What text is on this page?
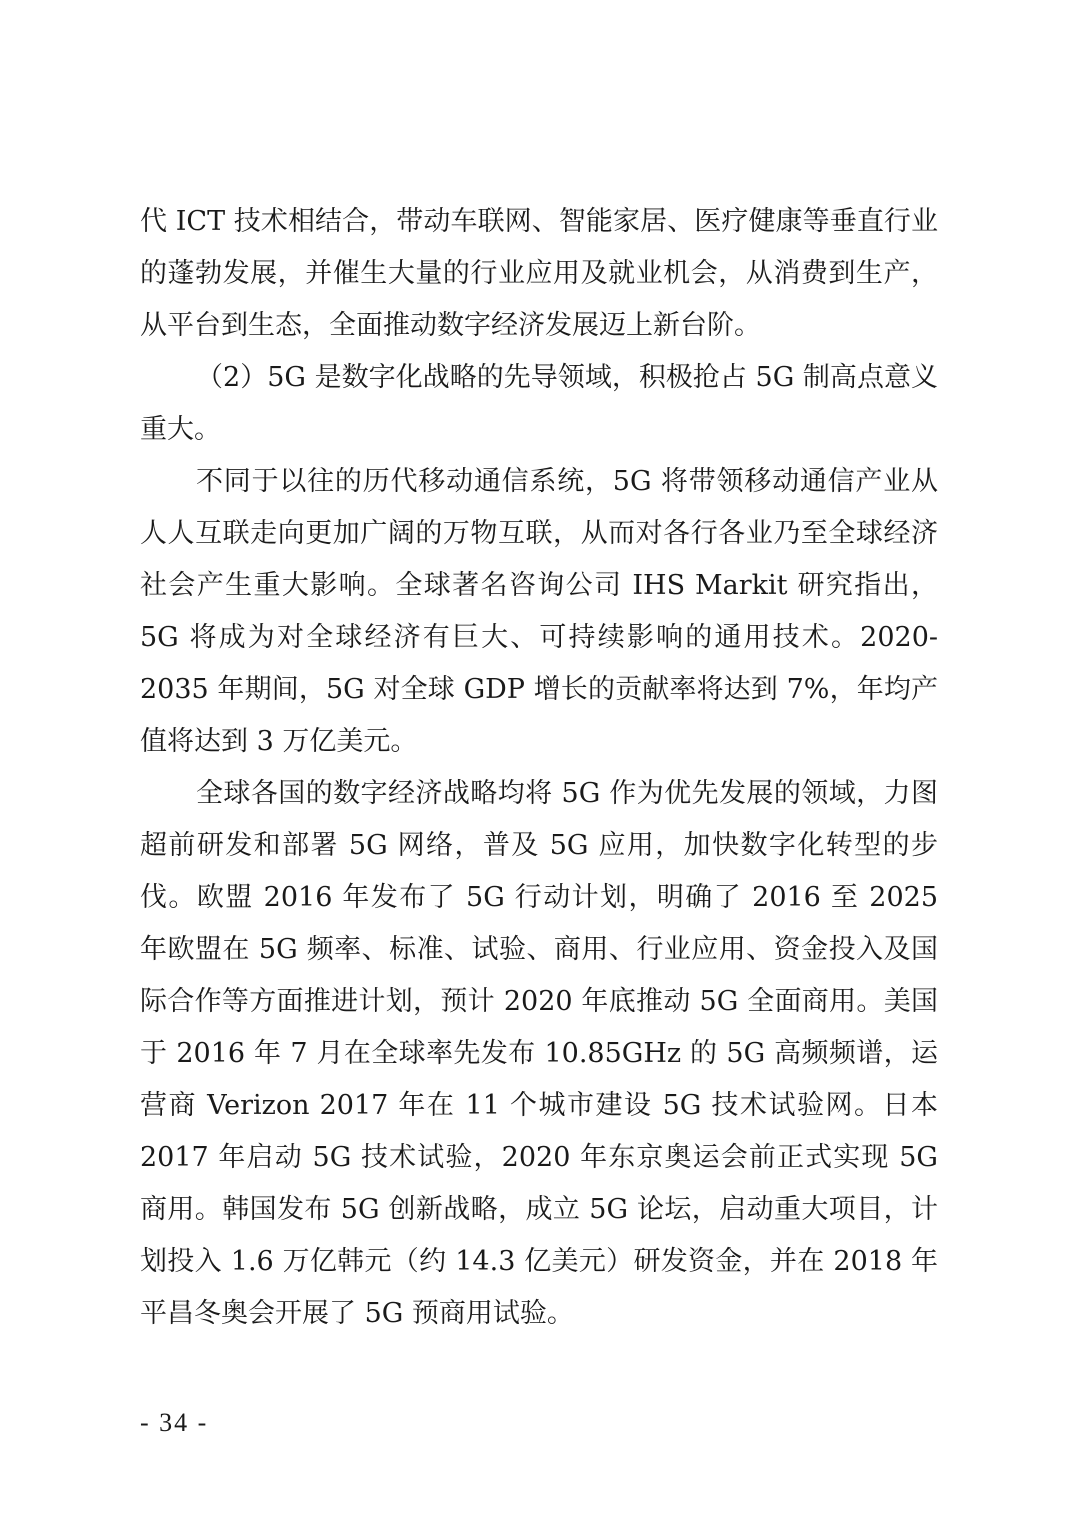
代 ICT 技术相结合，带动车联网、智能家居、医疗健康等垂直行业的蓬勃发展，并催生大量的行业应用及就业机会，从消费到生产，从平台到生态，全面推动数字经济发展迈上新台阶。

（2）5G 是数字化战略的先导领域，积极抢占 5G 制高点意义重大。

不同于以往的历代移动通信系统，5G 将带领移动通信产业从人人互联走向更加广阔的万物互联，从而对各行各业乃至全球经济社会产生重大影响。全球著名咨询公司 IHS Markit 研究指出，5G 将成为对全球经济有巨大、可持续影响的通用技术。2020-2035 年期间，5G 对全球 GDP 增长的贡献率将达到 7%，年均产值将达到 3 万亿美元。

全球各国的数字经济战略均将 5G 作为优先发展的领域，力图超前研发和部署 5G 网络，普及 5G 应用，加快数字化转型的步伐。欧盟 2016 年发布了 5G 行动计划，明确了 2016 至 2025 年欧盟在 5G 频率、标准、试验、商用、行业应用、资金投入及国际合作等方面推进计划，预计 2020 年底推动 5G 全面商用。美国于 2016 年 7 月在全球率先发布 10.85GHz 的 5G 高频频谱，运营商 Verizon 2017 年在 11 个城市建设 5G 技术试验网。日本 2017 年启动 5G 技术试验，2020 年东京奥运会前正式实现 5G 商用。韩国发布 5G 创新战略，成立 5G 论坛，启动重大项目，计划投入 1.6 万亿韩元（约 14.3 亿美元）研发资金，并在 2018 年平昌冬奥会开展了 5G 预商用试验。

- 34 -
